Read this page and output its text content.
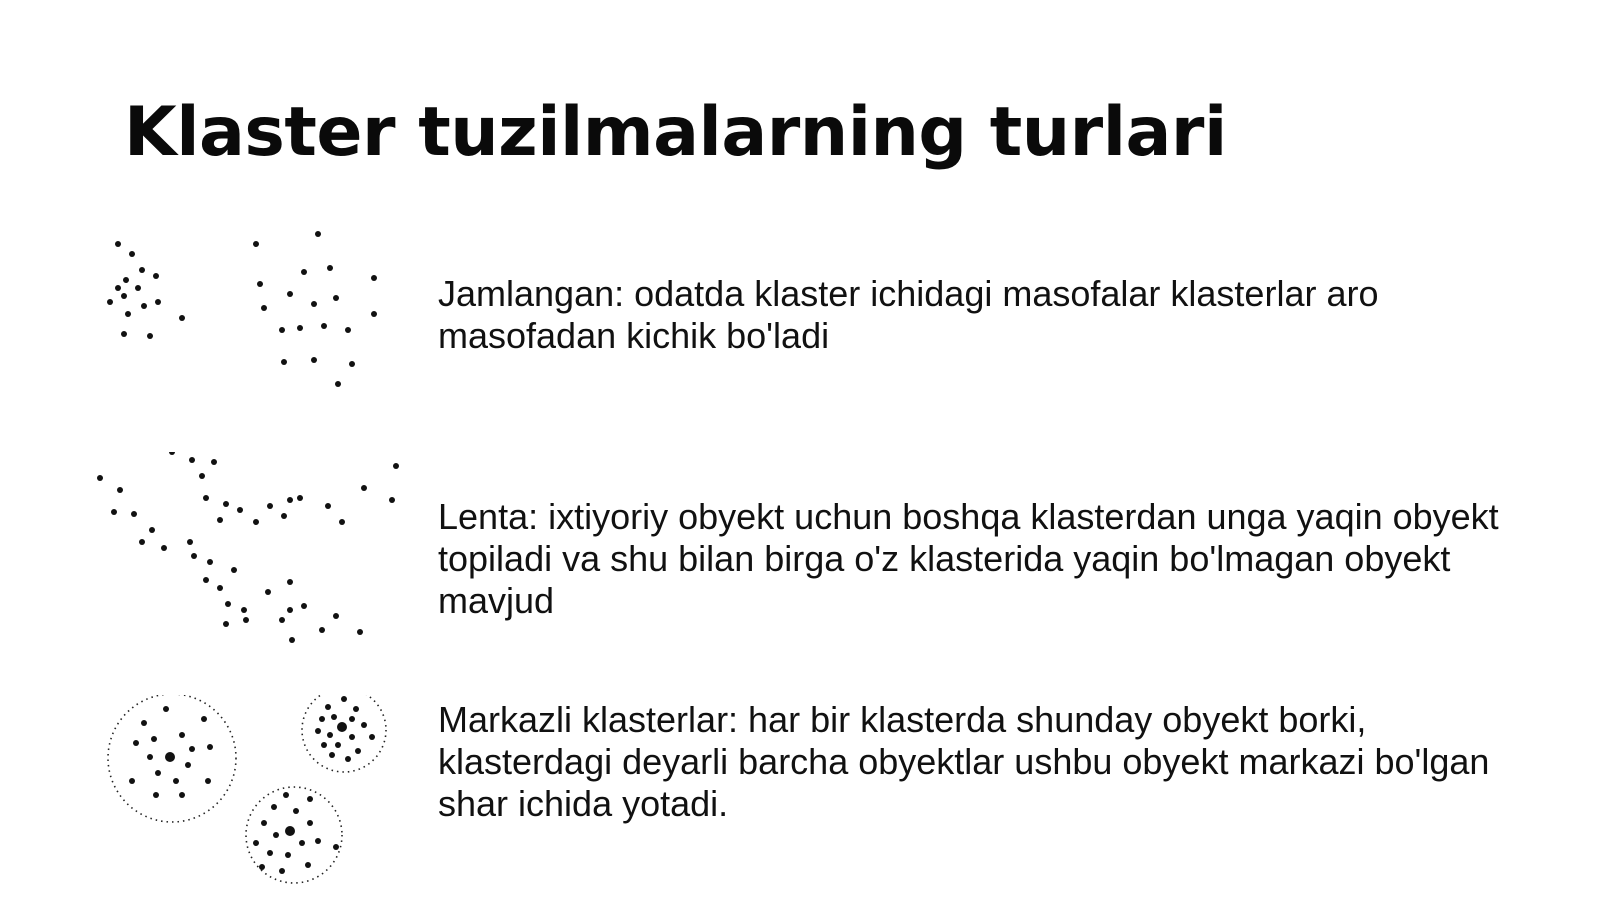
Klaster tuzilmalarning turlari

Jamlangan: odatda klaster ichidagi masofalar klasterlar aro masofadan kichik bo'ladi

Lenta: ixtiyoriy obyekt uchun boshqa klasterdan unga yaqin obyekt topiladi va shu bilan birga o'z klasterida yaqin bo'lmagan obyekt mavjud

Markazli klasterlar: har bir klasterda shunday obyekt borki, klasterdagi deyarli barcha obyektlar ushbu obyekt markazi bo'lgan shar ichida yotadi.
